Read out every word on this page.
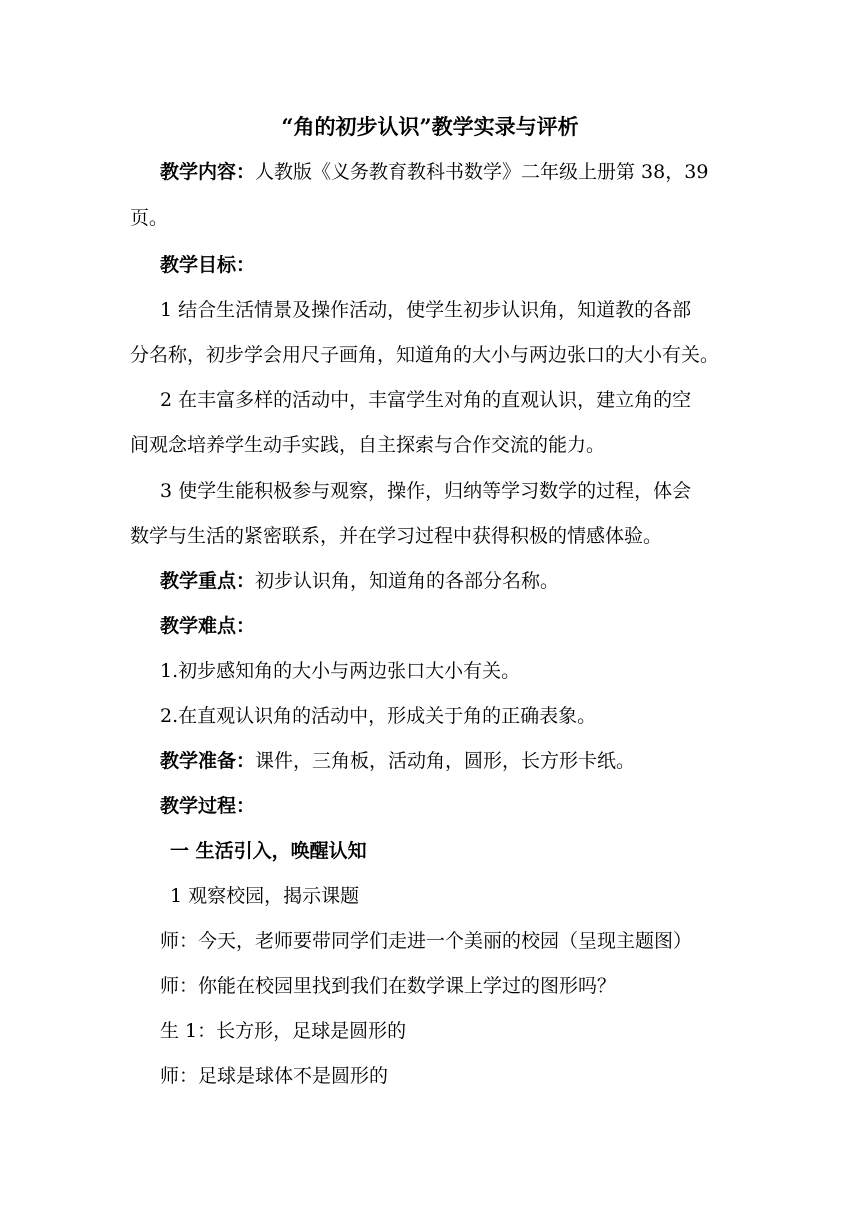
“角的初步认识”教学实录与评析
教学内容：人教版《义务教育教科书数学》二年级上册第 38，39
页。
教学目标：
1 结合生活情景及操作活动，使学生初步认识角，知道教的各部
分名称，初步学会用尺子画角，知道角的大小与两边张口的大小有关。
2 在丰富多样的活动中，丰富学生对角的直观认识，建立角的空
间观念培养学生动手实践，自主探索与合作交流的能力。
3 使学生能积极参与观察，操作，归纳等学习数学的过程，体会
数学与生活的紧密联系，并在学习过程中获得积极的情感体验。
教学重点：初步认识角，知道角的各部分名称。
教学难点：
1.初步感知角的大小与两边张口大小有关。
2.在直观认识角的活动中，形成关于角的正确表象。
教学准备：课件，三角板，活动角，圆形，长方形卡纸。
教学过程：
一 生活引入，唤醒认知
1 观察校园，揭示课题
师：今天，老师要带同学们走进一个美丽的校园（呈现主题图）
师：你能在校园里找到我们在数学课上学过的图形吗？
生 1：长方形，足球是圆形的
师：足球是球体不是圆形的
